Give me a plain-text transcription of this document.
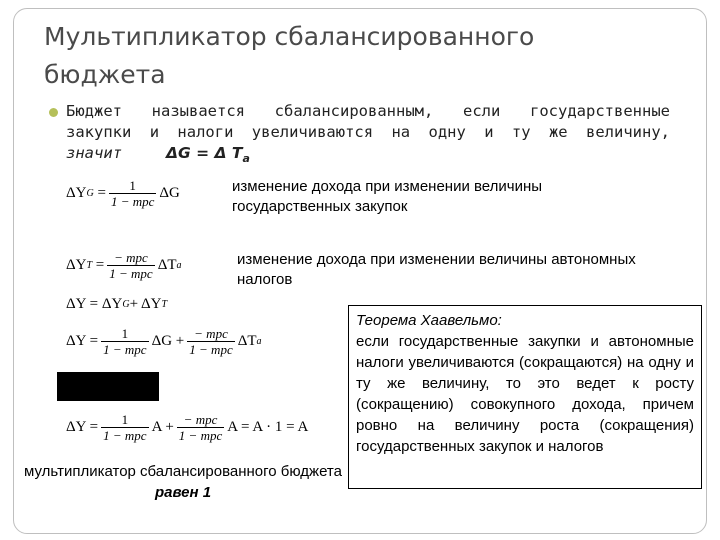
Мультипликатор сбалансированного бюджета
Бюджет называется сбалансированным, если государственные
закупки и налоги увеличиваются на одну и ту же величину,
значит	ΔG = Δ $T_a$
ΔY $G = \frac{1}{\text{1 − mpc}}$ ΔG	изменение дохода при изменении величины государственных закупок
ΔY $T = \frac{\text{− mpc}}{\text{1 − mpc}}$ ΔT a	изменение дохода при изменении величины автономных налогов
ΔY = ΔY G + ΔY T
$\Delta Y = \frac{1}{\text{1 − mpc}}$ $\Delta G + \frac{\text{− mpc}}{\text{1 − mpc}}$ ΔT a
$\Delta Y = \frac{1}{\text{1 − mpc}}$ $A + \frac{\text{− mpc}}{\text{1 − mpc}}$ A = A · 1 = A
Теорема Хаавельмо:
если государственные закупки и автономные налоги увеличиваются (сокращаются) на одну и ту же величину, то это ведет к росту (сокращению) совокупного дохода, причем ровно на величину роста (сокращения) государственных закупок и налогов
мультипликатор сбалансированного бюджета равен 1
